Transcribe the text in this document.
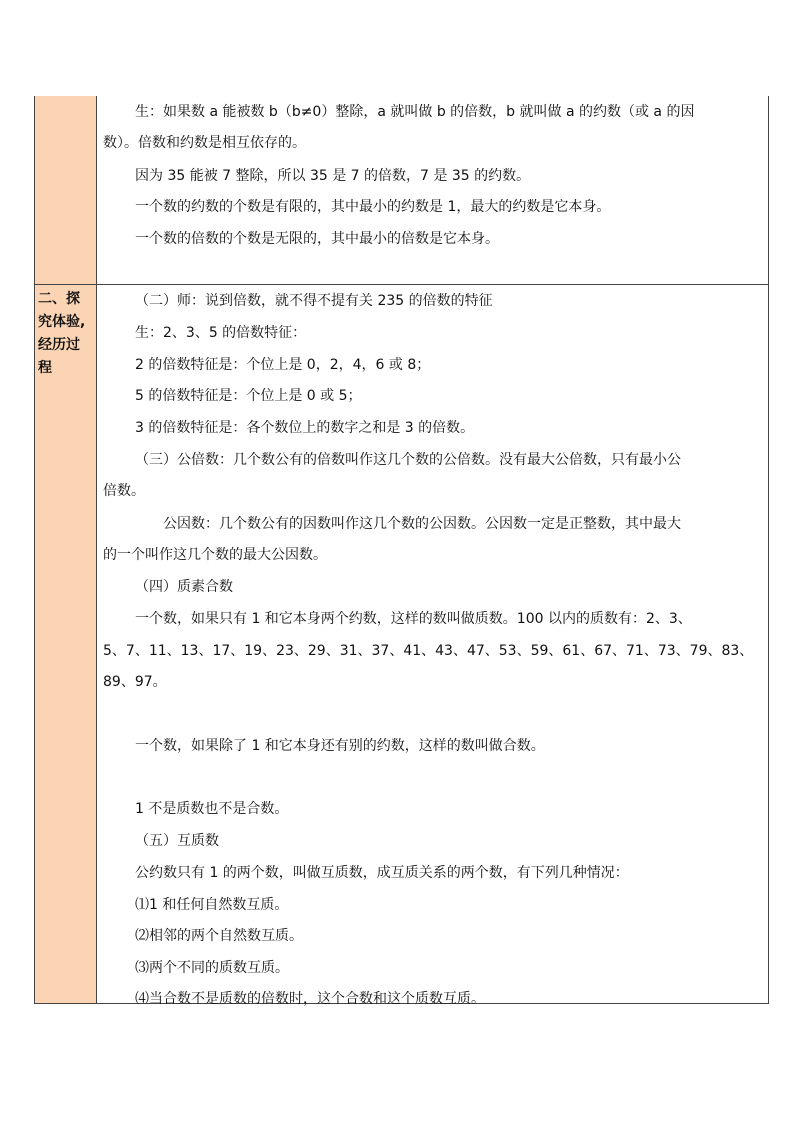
生：如果数 a 能被数 b（b≠0）整除，a 就叫做 b 的倍数，b 就叫做 a 的约数（或 a 的因
数）。倍数和约数是相互依存的。
因为 35 能被 7 整除，所以 35 是 7 的倍数，7 是 35 的约数。
一个数的约数的个数是有限的，其中最小的约数是 1，最大的约数是它本身。
一个数的倍数的个数是无限的，其中最小的倍数是它本身。
二、探
究体验,
经历过
程
（二）师：说到倍数，就不得不提有关 235 的倍数的特征
生：2、3、5 的倍数特征：
2 的倍数特征是：个位上是 0，2，4，6 或 8；
5 的倍数特征是：个位上是 0 或 5；
3 的倍数特征是：各个数位上的数字之和是 3 的倍数。
（三）公倍数：几个数公有的倍数叫作这几个数的公倍数。没有最大公倍数，只有最小公
倍数。
公因数：几个数公有的因数叫作这几个数的公因数。公因数一定是正整数，其中最大
的一个叫作这几个数的最大公因数。
（四）质素合数
一个数，如果只有 1 和它本身两个约数，这样的数叫做质数。100 以内的质数有：2、3、
5、7、11、13、17、19、23、29、31、37、41、43、47、53、59、61、67、71、73、79、83、
89、97。
一个数，如果除了 1 和它本身还有别的约数，这样的数叫做合数。
1 不是质数也不是合数。
（五）互质数
公约数只有 1 的两个数，叫做互质数，成互质关系的两个数，有下列几种情况：
⑴1 和任何自然数互质。
⑵相邻的两个自然数互质。
⑶两个不同的质数互质。
⑷当合数不是质数的倍数时，这个合数和这个质数互质。
